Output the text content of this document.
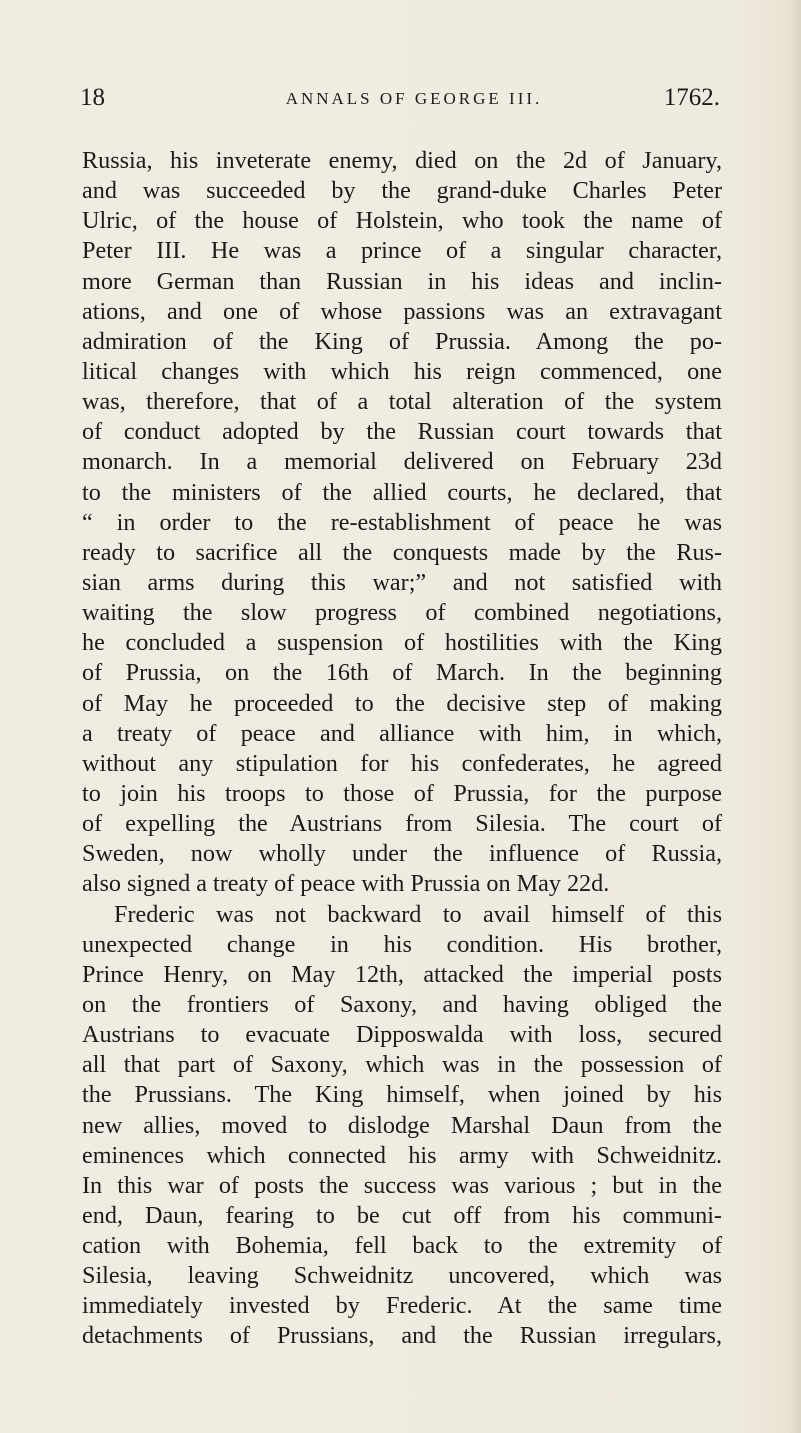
18	ANNALS OF GEORGE III.	1762.
Russia, his inveterate enemy, died on the 2d of January,
and was succeeded by the grand-duke Charles Peter
Ulric, of the house of Holstein, who took the name of
Peter III. He was a prince of a singular character,
more German than Russian in his ideas and inclin-
ations, and one of whose passions was an extravagant
admiration of the King of Prussia. Among the po-
litical changes with which his reign commenced, one
was, therefore, that of a total alteration of the system
of conduct adopted by the Russian court towards that
monarch. In a memorial delivered on February 23d
to the ministers of the allied courts, he declared, that
“ in order to the re-establishment of peace he was
ready to sacrifice all the conquests made by the Rus-
sian arms during this war;” and not satisfied with
waiting the slow progress of combined negotiations,
he concluded a suspension of hostilities with the King
of Prussia, on the 16th of March. In the beginning
of May he proceeded to the decisive step of making
a treaty of peace and alliance with him, in which,
without any stipulation for his confederates, he agreed
to join his troops to those of Prussia, for the purpose
of expelling the Austrians from Silesia. The court of
Sweden, now wholly under the influence of Russia,
also signed a treaty of peace with Prussia on May 22d.
Frederic was not backward to avail himself of this
unexpected change in his condition. His brother,
Prince Henry, on May 12th, attacked the imperial posts
on the frontiers of Saxony, and having obliged the
Austrians to evacuate Dipposwalda with loss, secured
all that part of Saxony, which was in the possession of
the Prussians. The King himself, when joined by his
new allies, moved to dislodge Marshal Daun from the
eminences which connected his army with Schweidnitz.
In this war of posts the success was various ; but in the
end, Daun, fearing to be cut off from his communi-
cation with Bohemia, fell back to the extremity of
Silesia, leaving Schweidnitz uncovered, which was
immediately invested by Frederic. At the same time
detachments of Prussians, and the Russian irregulars,
